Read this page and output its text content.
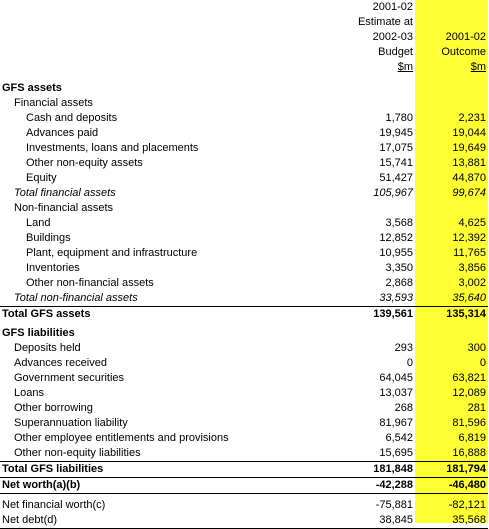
	2001-02	
	Estimate at	
	2002-03	2001-02
	Budget	Outcome
	$m	$m

GFS assets		
Financial assets		
Cash and deposits	1,780	2,231
Advances paid	19,945	19,044
Investments, loans and placements	17,075	19,649
Other non-equity assets	15,741	13,881
Equity	51,427	44,870
Total financial assets	105,967	99,674
Non-financial assets		
Land	3,568	4,625
Buildings	12,852	12,392
Plant, equipment and infrastructure	10,955	11,765
Inventories	3,350	3,856
Other non-financial assets	2,868	3,002
Total non-financial assets	33,593	35,640
Total GFS assets	139,561	135,314

GFS liabilities		
Deposits held	293	300
Advances received	0	0
Government securities	64,045	63,821
Loans	13,037	12,089
Other borrowing	268	281
Superannuation liability	81,967	81,596
Other employee entitlements and provisions	6,542	6,819
Other non-equity liabilities	15,695	16,888
Total GFS liabilities	181,848	181,794
Net worth(a)(b)	-42,288	-46,480

Net financial worth(c)	-75,881	-82,121
Net debt(d)	38,845	35,568
